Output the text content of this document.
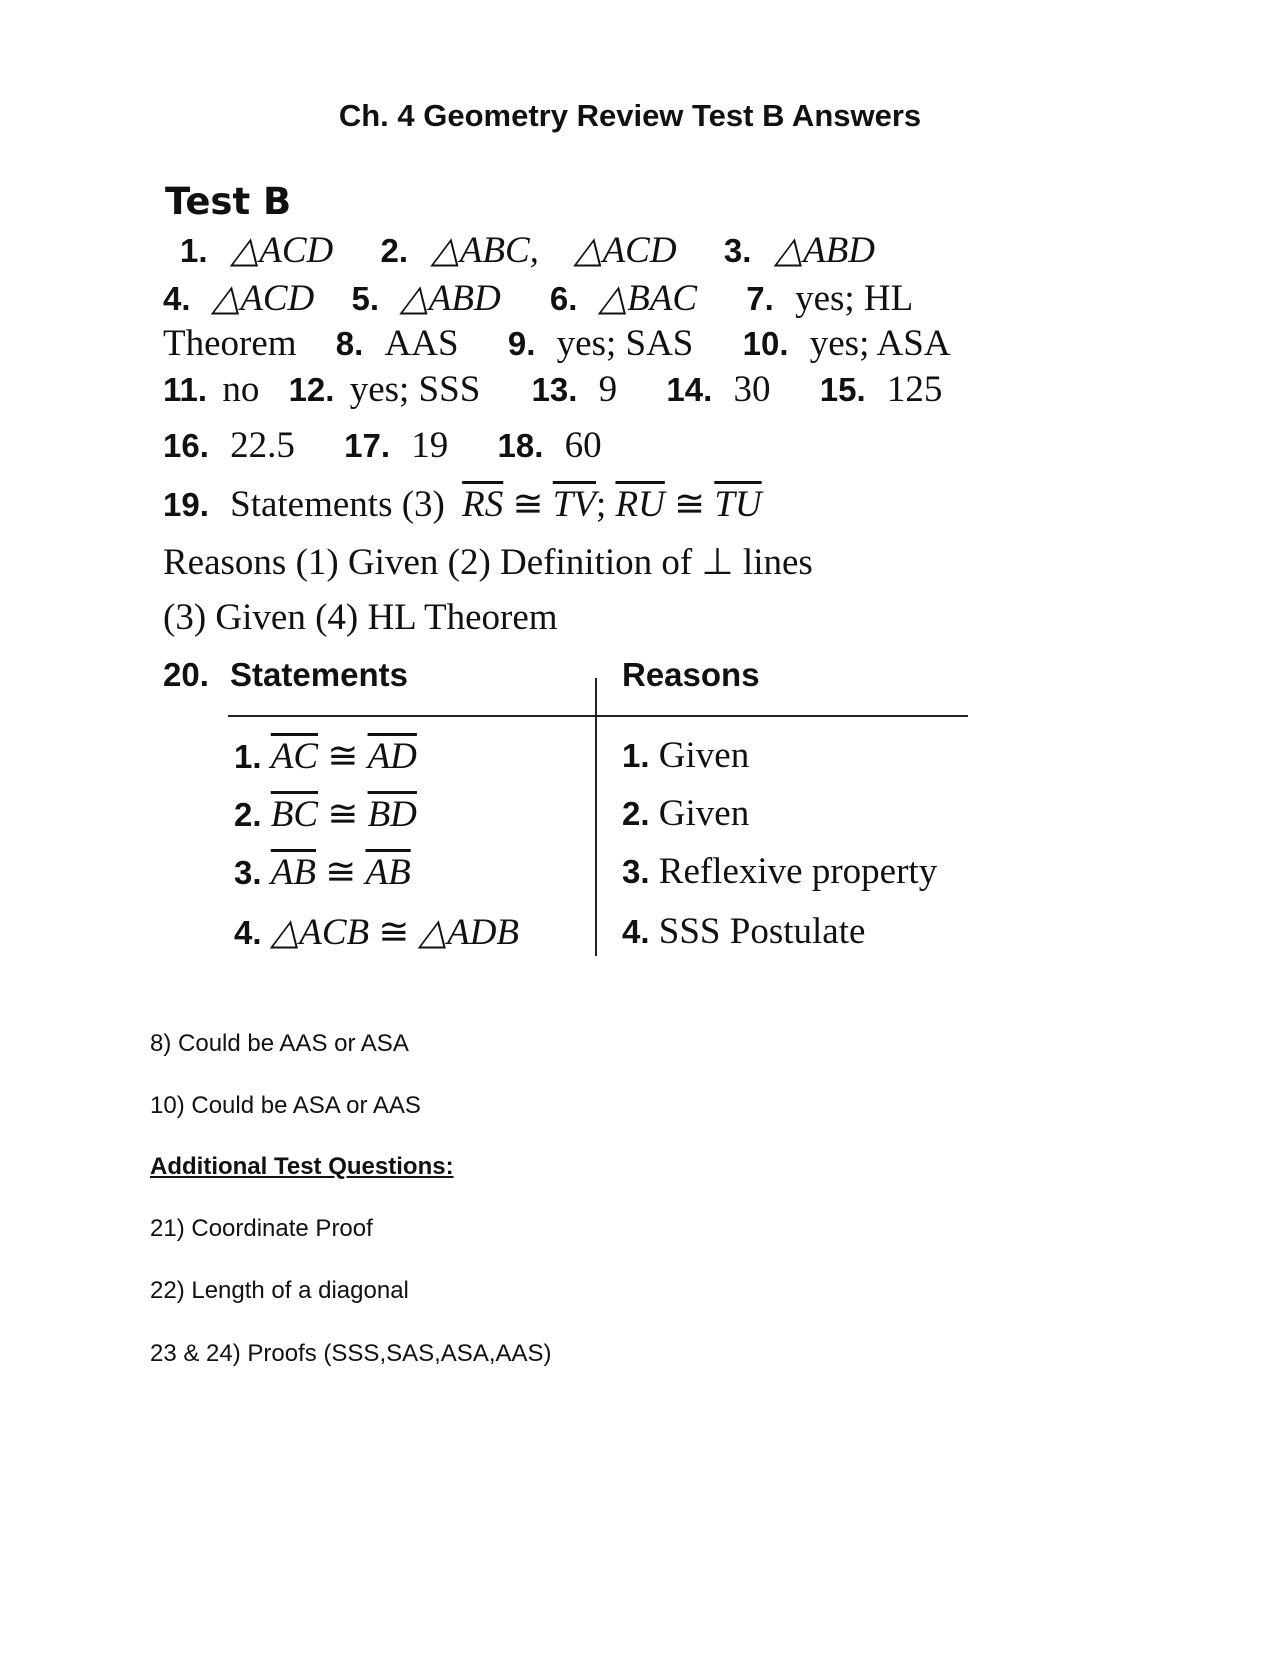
Ch. 4 Geometry Review Test B Answers
Test B
1. △ACD 2. △ABC, △ACD 3. △ABD
4. △ACD 5. △ABD 6. △BAC 7. yes; HL
Theorem 8. AAS 9. yes; SAS 10. yes; ASA
11. no 12. yes; SSS 13. 9 14. 30 15. 125
16. 22.5 17. 19 18. 60
19. Statements (3) $\overline{RS}$ ≅ $\overline{TV}$; $\overline{RU}$ ≅ $\overline{TU}$
Reasons (1) Given (2) Definition of ⊥ lines
(3) Given (4) HL Theorem
20. Statements	Reasons
1. $\overline{AC}$ ≅ $\overline{AD}$	1. Given
2. $\overline{BC}$ ≅ $\overline{BD}$	2. Given
3. $\overline{AB}$ ≅ $\overline{AB}$	3. Reflexive property
4. △ACB ≅ △ADB	4. SSS Postulate
8) Could be AAS or ASA
10) Could be ASA or AAS
Additional Test Questions:
21) Coordinate Proof
22) Length of a diagonal
23 & 24) Proofs (SSS,SAS,ASA,AAS)
